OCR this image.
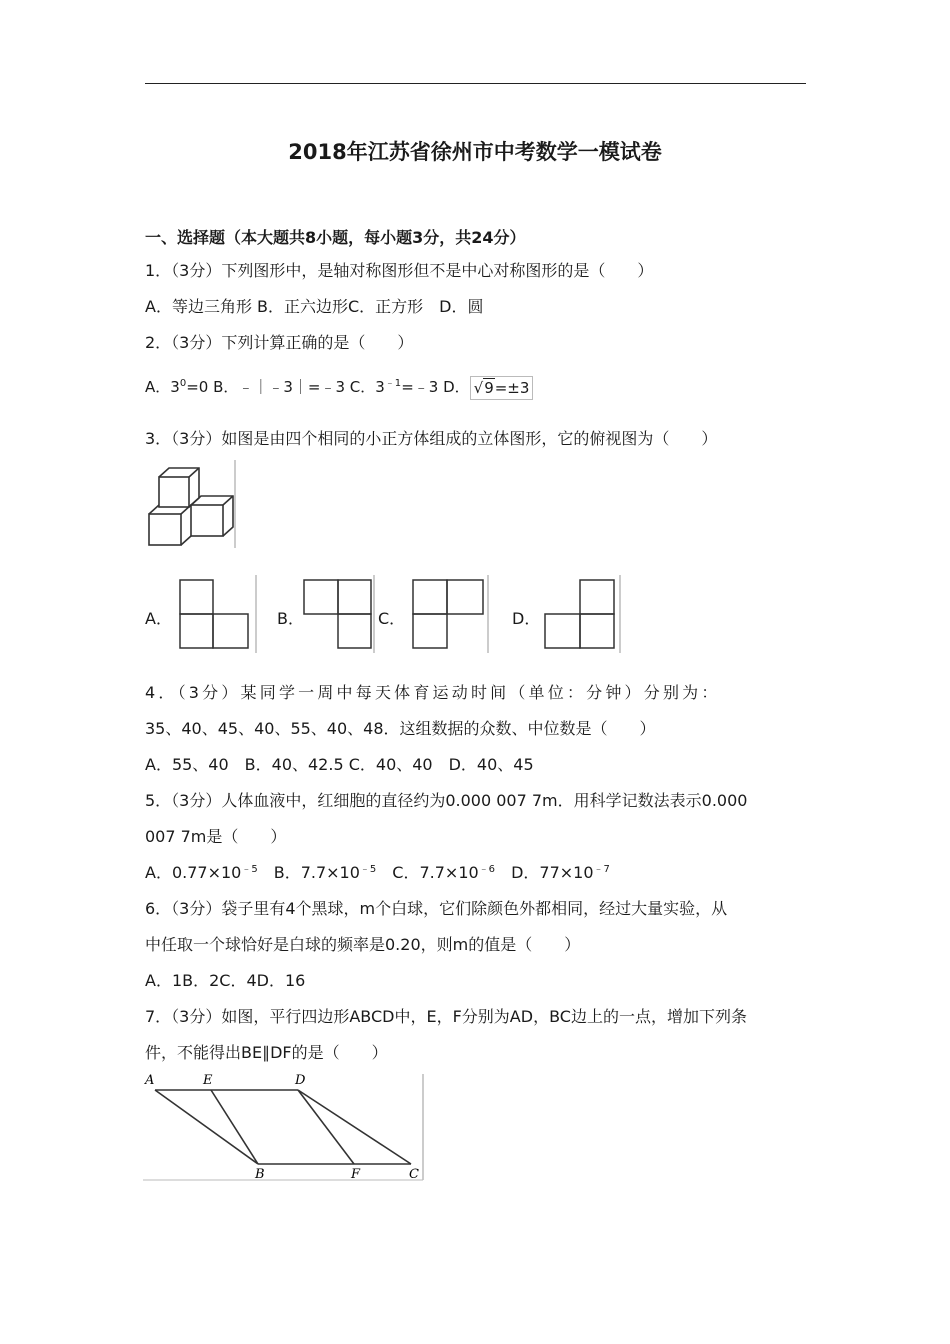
2018年江苏省徐州市中考数学一模试卷
一、选择题（本大题共8小题，每小题3分，共24分）
1．（3分）下列图形中，是轴对称图形但不是中心对称图形的是（　　）
A．等边三角形 B．正六边形C．正方形　D．圆
2．（3分）下列计算正确的是（　　）
A．$3^0=0$ B．﹣｜﹣3｜=﹣3 C．$3^{﹣1}=﹣3$ D． √9=±3
3．（3分）如图是由四个相同的小正方体组成的立体图形，它的俯视图为（　　）
A．	B．	C．	D．
4．（3分）某同学一周中每天体育运动时间（单位：分钟）分别为：
35、40、45、40、55、40、48．这组数据的众数、中位数是（　　）
A．55、40　B．40、42.5 C．40、40　D．40、45
5．（3分）人体血液中，红细胞的直径约为0.000 007 7m．用科学记数法表示0.000
007 7m是（　　）
A．$0.77\times 10^{﹣5}$　B．$7.7\times 10^{﹣5}$　C．$7.7\times 10^{﹣6}$　D．$77\times 10^{﹣7}$
6．（3分）袋子里有4个黑球，m个白球，它们除颜色外都相同，经过大量实验，从
中任取一个球恰好是白球的频率是0.20，则m的值是（　　）
A．1B．2C．4D．16
7．（3分）如图，平行四边形ABCD中，E，F分别为AD，BC边上的一点，增加下列条
件，不能得出BE∥DF的是（　　）
A	E	D
B	F	C
